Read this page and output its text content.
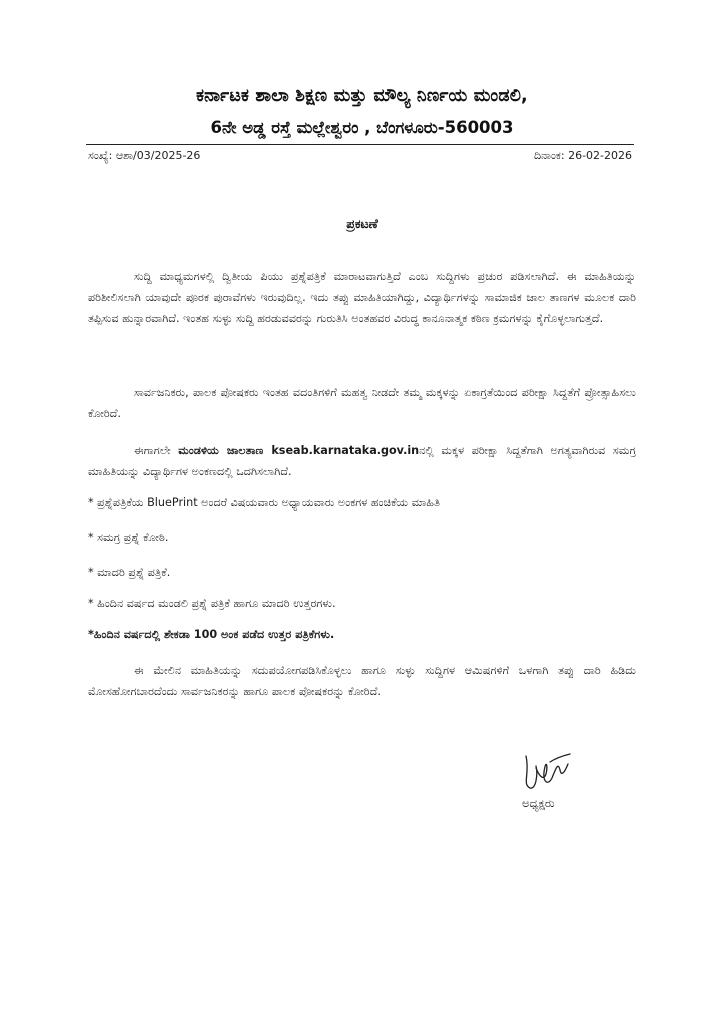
ಕರ್ನಾಟಕ ಶಾಲಾ ಶಿಕ್ಷಣ ಮತ್ತು ಮೌಲ್ಯ ನಿರ್ಣಯ ಮಂಡಲಿ,
6ನೇ ಅಡ್ಡ ರಸ್ತೆ ಮಲ್ಲೇಶ್ವರಂ , ಬೆಂಗಳೂರು-560003
ಸಂಖ್ಯೆ: ಆಶಾ/03/2025-26	ದಿನಾಂಕ: 26-02-2026
ಪ್ರಕಟಣೆ
ಸುದ್ದಿ ಮಾಧ್ಯಮಗಳಲ್ಲಿ ದ್ವಿತೀಯ ಪಿಯು ಪ್ರಶ್ನೆಪತ್ರಿಕೆ ಮಾರಾಟವಾಗುತ್ತಿದೆ ಎಂಬ ಸುದ್ದಿಗಳು ಪ್ರಚುರ ಪಡಿಸಲಾಗಿದೆ. ಈ ಮಾಹಿತಿಯನ್ನು ಪರಿಶೀಲಿಸಲಾಗಿ ಯಾವುದೇ ಪೂರಕ ಪುರಾವೆಗಳು ಇರುವುದಿಲ್ಲ. ಇದು ತಪ್ಪು ಮಾಹಿತಿಯಾಗಿದ್ದು, ವಿದ್ಯಾರ್ಥಿಗಳನ್ನು ಸಾಮಾಜಿಕ ಜಾಲ ತಾಣಗಳ ಮೂಲಕ ದಾರಿ ತಪ್ಪಿಸುವ ಹುನ್ನಾರವಾಗಿದೆ. ಇಂತಹ ಸುಳ್ಳು ಸುದ್ದಿ ಹರಡುವವರನ್ನು ಗುರುತಿಸಿ ಅಂತಹವರ ವಿರುದ್ಧ ಕಾನೂನಾತ್ಮಕ ಕಠಿಣ ಕ್ರಮಗಳನ್ನು ಕೈಗೊಳ್ಳಲಾಗುತ್ತದೆ.
ಸಾರ್ವಜನಿಕರು, ಪಾಲಕ ಪೋಷಕರು ಇಂತಹ ವದಂತಿಗಳಿಗೆ ಮಹತ್ವ ನೀಡದೇ ತಮ್ಮ ಮಕ್ಕಳನ್ನು ಏಕಾಗ್ರತೆಯಿಂದ ಪರೀಕ್ಷಾ ಸಿದ್ದತೆಗೆ ಪ್ರೋತ್ಸಾಹಿಸಲು ಕೋರಿದೆ.
ಈಗಾಗಲೇ ಮಂಡಳಿಯ ಜಾಲತಾಣ kseab.karnataka.gov.inನಲ್ಲಿ ಮಕ್ಕಳ ಪರೀಕ್ಷಾ ಸಿದ್ದತೆಗಾಗಿ ಅಗತ್ಯವಾಗಿರುವ ಸಮಗ್ರ ಮಾಹಿತಿಯನ್ನು ವಿದ್ಯಾರ್ಥಿಗಳ ಅಂಕಣದಲ್ಲಿ ಒದಗಿಸಲಾಗಿದೆ.
* ಪ್ರಶ್ನೆಪತ್ರಿಕೆಯ BluePrint ಅಂದರೆ ವಿಷಯವಾರು ಅಧ್ಯಾಯವಾರು ಅಂಕಗಳ ಹಂಚಿಕೆಯ ಮಾಹಿತಿ
* ಸಮಗ್ರ ಪ್ರಶ್ನೆ ಕೋಠಿ.
* ಮಾದರಿ ಪ್ರಶ್ನೆ ಪತ್ರಿಕೆ.
* ಹಿಂದಿನ ವರ್ಷದ ಮಂಡಲಿ ಪ್ರಶ್ನೆ ಪತ್ರಿಕೆ ಹಾಗೂ ಮಾದರಿ ಉತ್ತರಗಳು.
*ಹಿಂದಿನ ವರ್ಷದಲ್ಲಿ ಶೇಕಡಾ 100 ಅಂಕ ಪಡೆದ ಉತ್ತರ ಪತ್ರಿಕೆಗಳು.
ಈ ಮೇಲಿನ ಮಾಹಿತಿಯನ್ನು ಸದುಪಯೋಗಪಡಿಸಿಕೊಳ್ಳಲು ಹಾಗೂ ಸುಳ್ಳು ಸುದ್ದಿಗಳ ಆಮಿಷಗಳಿಗೆ ಒಳಗಾಗಿ ತಪ್ಪು ದಾರಿ ಹಿಡಿದು ಮೋಸಹೋಗಬಾರದೆಂದು ಸಾರ್ವಜನಿಕರನ್ನು ಹಾಗೂ ಪಾಲಕ ಪೋಷಕರನ್ನು ಕೋರಿದೆ.
ಅಧ್ಯಕ್ಷರು
